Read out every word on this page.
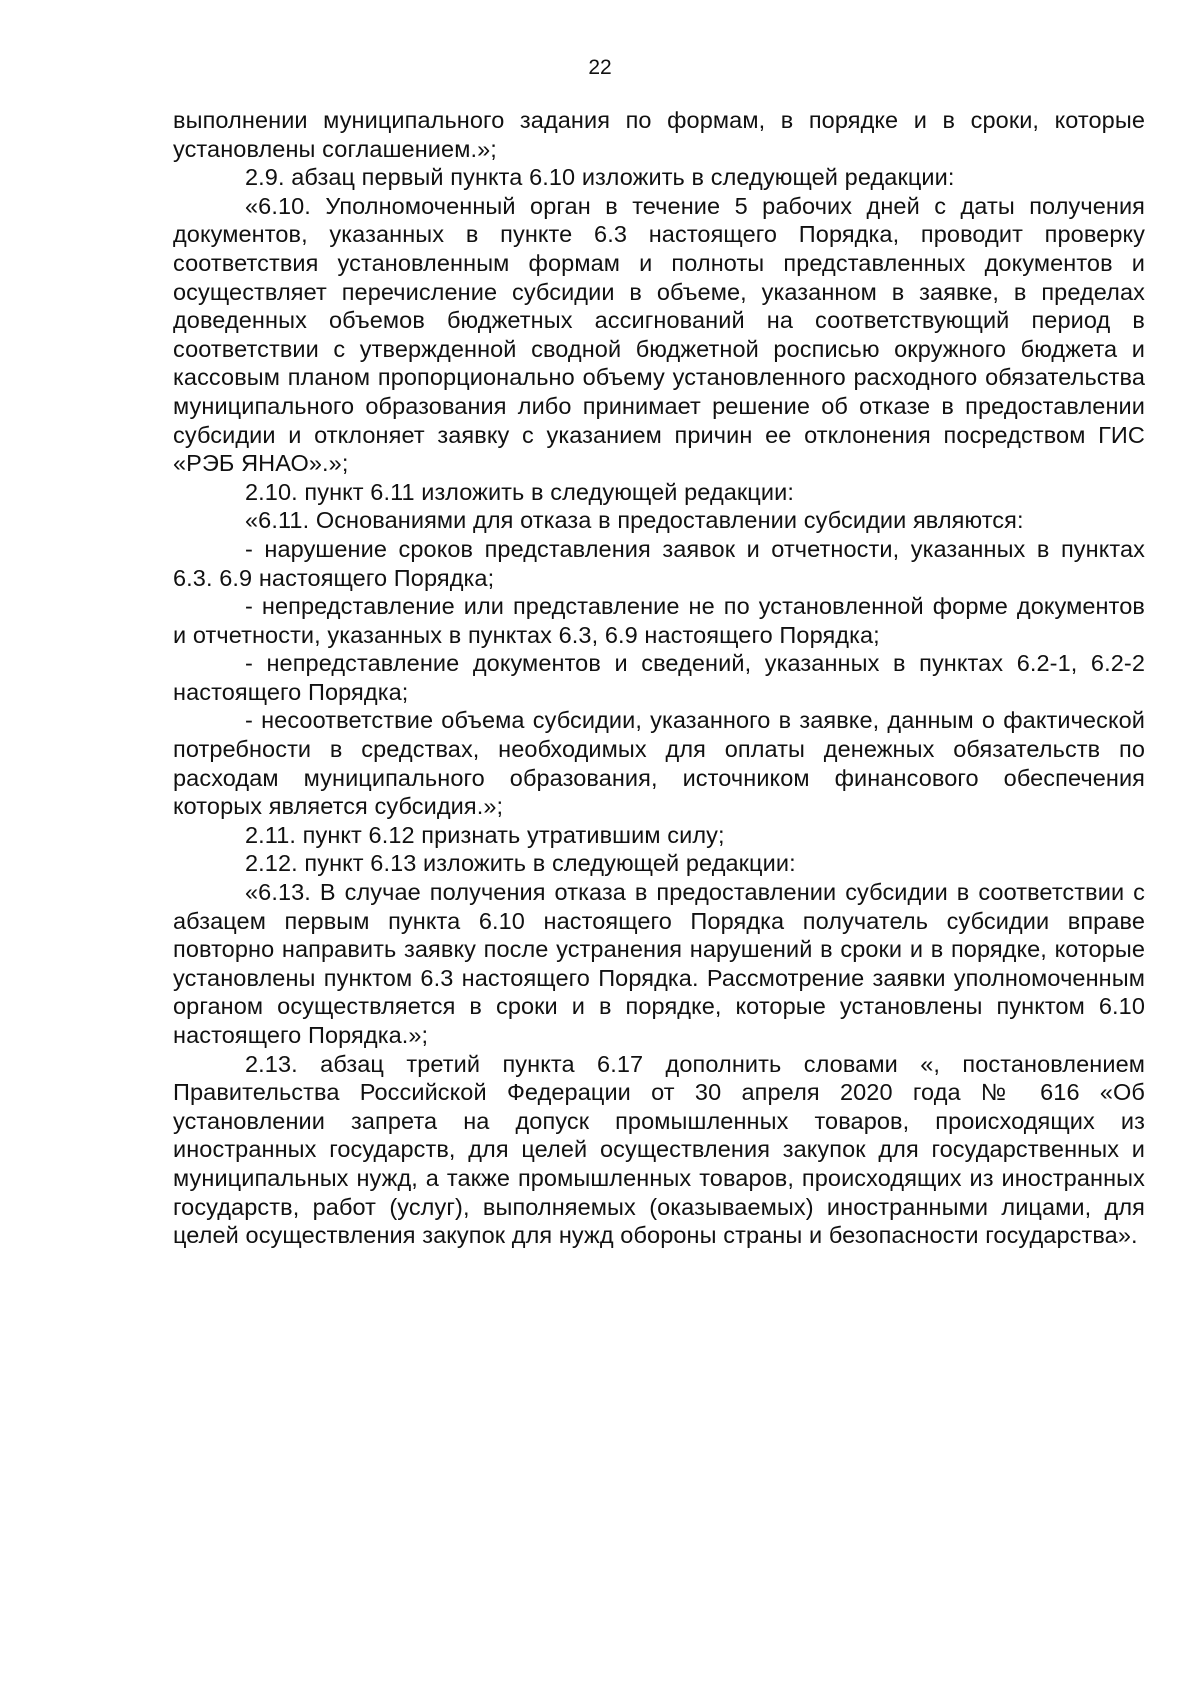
22

выполнении муниципального задания по формам, в порядке и в сроки, которые установлены соглашением.»;

2.9. абзац первый пункта 6.10 изложить в следующей редакции:

«6.10. Уполномоченный орган в течение 5 рабочих дней с даты получения документов, указанных в пункте 6.3 настоящего Порядка, проводит проверку соответствия установленным формам и полноты представленных документов и осуществляет перечисление субсидии в объеме, указанном в заявке, в пределах доведенных объемов бюджетных ассигнований на соответствующий период в соответствии с утвержденной сводной бюджетной росписью окружного бюджета и кассовым планом пропорционально объему установленного расходного обязательства муниципального образования либо принимает решение об отказе в предоставлении субсидии и отклоняет заявку с указанием причин ее отклонения посредством ГИС «РЭБ ЯНАО».»;

2.10. пункт 6.11 изложить в следующей редакции:

«6.11. Основаниями для отказа в предоставлении субсидии являются:

- нарушение сроков представления заявок и отчетности, указанных в пунктах 6.3. 6.9 настоящего Порядка;

- непредставление или представление не по установленной форме документов и отчетности, указанных в пунктах 6.3, 6.9 настоящего Порядка;

- непредставление документов и сведений, указанных в пунктах 6.2-1, 6.2-2 настоящего Порядка;

- несоответствие объема субсидии, указанного в заявке, данным о фактической потребности в средствах, необходимых для оплаты денежных обязательств по расходам муниципального образования, источником финансового обеспечения которых является субсидия.»;

2.11. пункт 6.12 признать утратившим силу;

2.12. пункт 6.13 изложить в следующей редакции:

«6.13. В случае получения отказа в предоставлении субсидии в соответствии с абзацем первым пункта 6.10 настоящего Порядка получатель субсидии вправе повторно направить заявку после устранения нарушений в сроки и в порядке, которые установлены пунктом 6.3 настоящего Порядка. Рассмотрение заявки уполномоченным органом осуществляется в сроки и в порядке, которые установлены пунктом 6.10 настоящего Порядка.»;

2.13. абзац третий пункта 6.17 дополнить словами «, постановлением Правительства Российской Федерации от 30 апреля 2020 года № 616 «Об установлении запрета на допуск промышленных товаров, происходящих из иностранных государств, для целей осуществления закупок для государственных и муниципальных нужд, а также промышленных товаров, происходящих из иностранных государств, работ (услуг), выполняемых (оказываемых) иностранными лицами, для целей осуществления закупок для нужд обороны страны и безопасности государства».
